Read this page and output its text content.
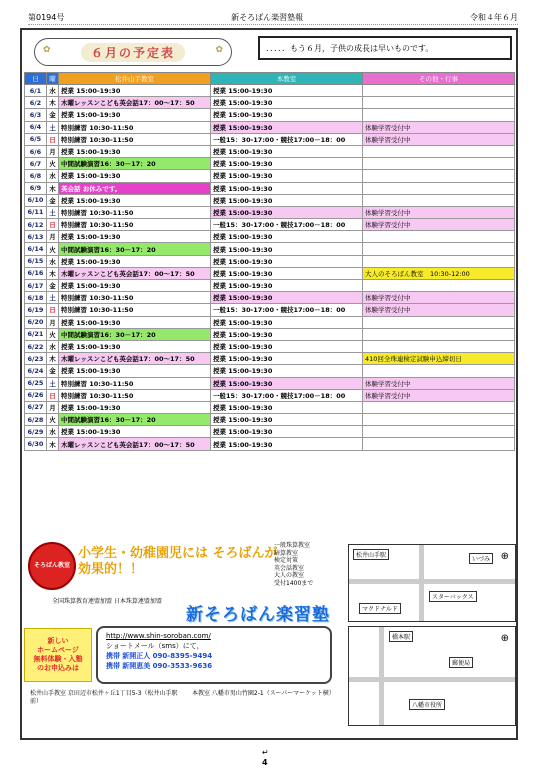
第0194号	新そろばん楽習塾報	令和４年６月
✿	６月の予定表	✿	．．．．．もう６月，子供の成長は早いものです。
日	曜	松井山手教室	本教室	その他・行事
6/1	水	授業 15:00-19:30	授業 15:00-19:30	
6/2	木	木曜レッスンこども英会話17：00～17：50	授業 15:00-19:30	
6/3	金	授業 15:00-19:30	授業 15:00-19:30	
6/4	土	特別練習 10:30-11:50	授業 15:00-19:30	体験学習受付中
6/5	日	特別練習 10:30-11:50	一般15：30-17:00・競技17:00－18：00	体験学習受付中
6/6	月	授業 15:00-19:30	授業 15:00-19:30	
6/7	火	中間試験演習16：30－17：20	授業 15:00-19:30	
6/8	水	授業 15:00-19:30	授業 15:00-19:30	
6/9	木	英会話 お休みです。	授業 15:00-19:30	
6/10	金	授業 15:00-19:30	授業 15:00-19:30	
6/11	土	特別練習 10:30-11:50	授業 15:00-19:30	体験学習受付中
6/12	日	特別練習 10:30-11:50	一般15：30-17:00・競技17:00－18：00	体験学習受付中
6/13	月	授業 15:00-19:30	授業 15:00-19:30	
6/14	火	中間試験演習16：30－17：20	授業 15:00-19:30	
6/15	水	授業 15:00-19:30	授業 15:00-19:30	
6/16	木	木曜レッスンこども英会話17：00～17：50	授業 15:00-19:30	大人のそろばん教室　10:30-12:00
6/17	金	授業 15:00-19:30	授業 15:00-19:30	
6/18	土	特別練習 10:30-11:50	授業 15:00-19:30	体験学習受付中
6/19	日	特別練習 10:30-11:50	一般15：30-17:00・競技17:00－18：00	体験学習受付中
6/20	月	授業 15:00-19:30	授業 15:00-19:30	
6/21	火	中間試験演習16：30－17：20	授業 15:00-19:30	
6/22	水	授業 15:00-19:30	授業 15:00-19:30	
6/23	木	木曜レッスンこども英会話17：00～17：50	授業 15:00-19:30	410回全珠連検定試験申込締切日
6/24	金	授業 15:00-19:30	授業 15:00-19:30	
6/25	土	特別練習 10:30-11:50	授業 15:00-19:30	体験学習受付中
6/26	日	特別練習 10:30-11:50	一般15：30-17:00・競技17:00－18：00	体験学習受付中
6/27	月	授業 15:00-19:30	授業 15:00-19:30	
6/28	火	中間試験演習16：30－17：20	授業 15:00-19:30	
6/29	水	授業 15:00-19:30	授業 15:00-19:30	
6/30	木	木曜レッスンこども英会話17：00～17：50	授業 15:00-19:30	
そろばん教室
小学生・幼稚園児には そろばんが効果的！！
一般珠算教室
暗算教室
検定対策
英会話教室
大人の教室
受付1400まで
松井山手駅
スターバックス
いづみ
マクドナルド
⊕
橋本駅
郵便局
八幡市役所
⊕
全国珠算教育連盟加盟 日本珠算連盟加盟
新そろばん楽習塾
新しい
ホームページ
無料体験・入塾
のお申込みは
http://www.shin-soroban.com/
ショートメール（sms）にて，
携帯 新開正人 090-8395-9494
携帯 新開恵美 090-3533-9636
松井山手教室 京田辺市松井ヶ丘1丁目5-3（松井山手駅前）
本教室 八幡市男山竹園2-1（スーパーマーケット横）
↵
4
